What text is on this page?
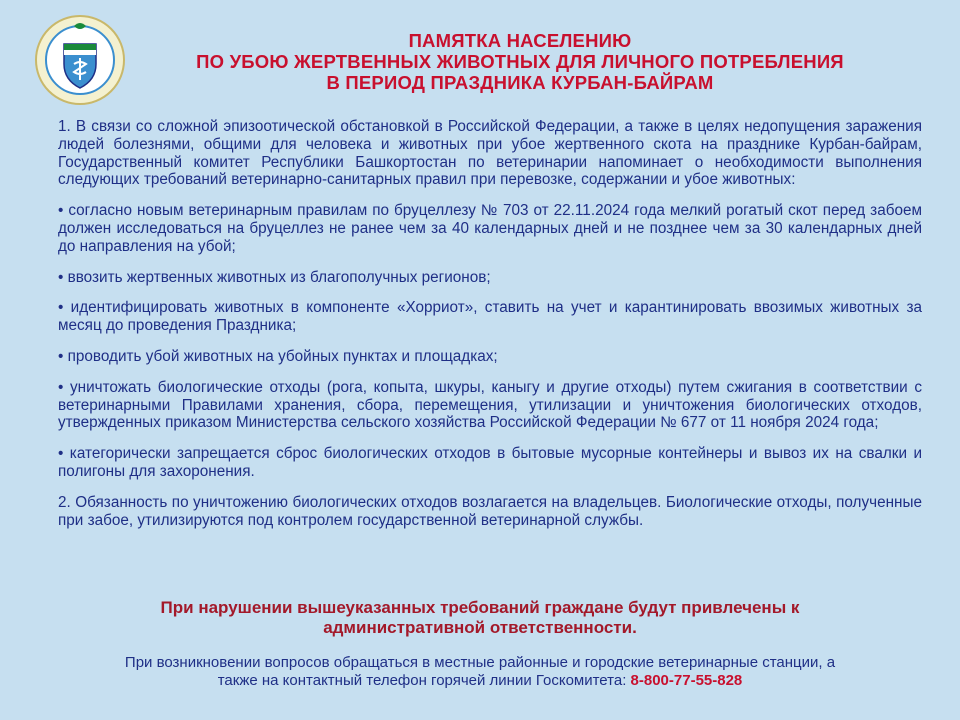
ПАМЯТКА НАСЕЛЕНИЮ
ПО УБОЮ ЖЕРТВЕННЫХ ЖИВОТНЫХ ДЛЯ ЛИЧНОГО ПОТРЕБЛЕНИЯ
В ПЕРИОД ПРАЗДНИКА КУРБАН-БАЙРАМ

1. В связи со сложной эпизоотической обстановкой в Российской Федерации, а также в целях недопущения заражения людей болезнями, общими для человека и животных при убое жертвенного скота на празднике Курбан-байрам, Государственный комитет Республики Башкортостан по ветеринарии напоминает о необходимости выполнения следующих требований ветеринарно-санитарных правил при перевозке, содержании и убое животных:

• согласно новым ветеринарным правилам по бруцеллезу № 703 от 22.11.2024 года мелкий рогатый скот перед забоем должен исследоваться на бруцеллез не ранее чем за 40 календарных дней и не позднее чем за 30 календарных дней до направления на убой;

• ввозить жертвенных животных из благополучных регионов;

• идентифицировать животных в компоненте «Хорриот», ставить на учет и карантинировать ввозимых животных за месяц до проведения Праздника;

• проводить убой животных на убойных пунктах и площадках;

• уничтожать биологические отходы (рога, копыта, шкуры, каныгу и другие отходы) путем сжигания в соответствии с ветеринарными Правилами хранения, сбора, перемещения, утилизации и уничтожения биологических отходов, утвержденных приказом Министерства сельского хозяйства Российской Федерации № 677 от 11 ноября 2024 года;

• категорически запрещается сброс биологических отходов в бытовые мусорные контейнеры и вывоз их на свалки и полигоны для захоронения.

2. Обязанность по уничтожению биологических отходов возлагается на владельцев. Биологические отходы, полученные при забое, утилизируются под контролем государственной ветеринарной службы.

При нарушении вышеуказанных требований граждане будут привлечены к
административной ответственности.
При возникновении вопросов обращаться в местные районные и городские ветеринарные станции, а
также на контактный телефон горячей линии Госкомитета: 8-800-77-55-828
